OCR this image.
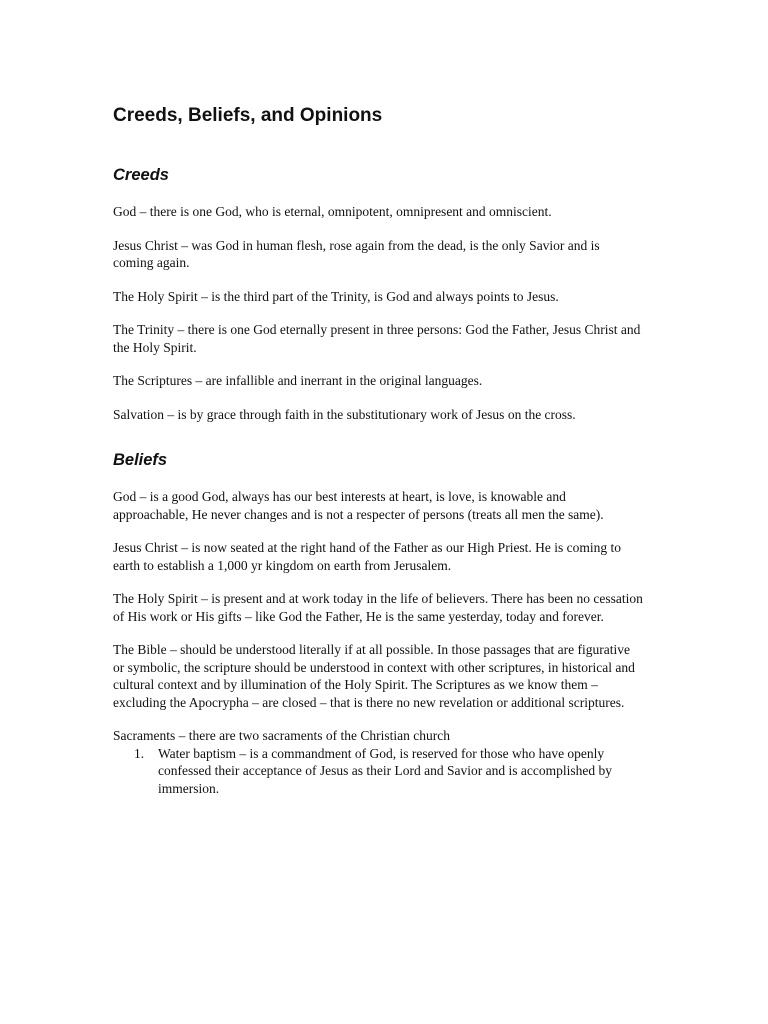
Creeds, Beliefs, and Opinions
Creeds

God – there is one God, who is eternal, omnipotent, omnipresent and omniscient.

Jesus Christ – was God in human flesh, rose again from the dead, is the only Savior and is coming again.

The Holy Spirit – is the third part of the Trinity, is God and always points to Jesus.

The Trinity – there is one God eternally present in three persons: God the Father, Jesus Christ and the Holy Spirit.

The Scriptures – are infallible and inerrant in the original languages.

Salvation – is by grace through faith in the substitutionary work of Jesus on the cross.

Beliefs

God – is a good God, always has our best interests at heart, is love, is knowable and approachable, He never changes and is not a respecter of persons (treats all men the same).

Jesus Christ – is now seated at the right hand of the Father as our High Priest. He is coming to earth to establish a 1,000 yr kingdom on earth from Jerusalem.

The Holy Spirit – is present and at work today in the life of believers. There has been no cessation of His work or His gifts – like God the Father, He is the same yesterday, today and forever.

The Bible – should be understood literally if at all possible. In those passages that are figurative or symbolic, the scripture should be understood in context with other scriptures, in historical and cultural context and by illumination of the Holy Spirit. The Scriptures as we know them – excluding the Apocrypha – are closed – that is there no new revelation or additional scriptures.

Sacraments – there are two sacraments of the Christian church

1. Water baptism – is a commandment of God, is reserved for those who have openly confessed their acceptance of Jesus as their Lord and Savior and is accomplished by immersion.
